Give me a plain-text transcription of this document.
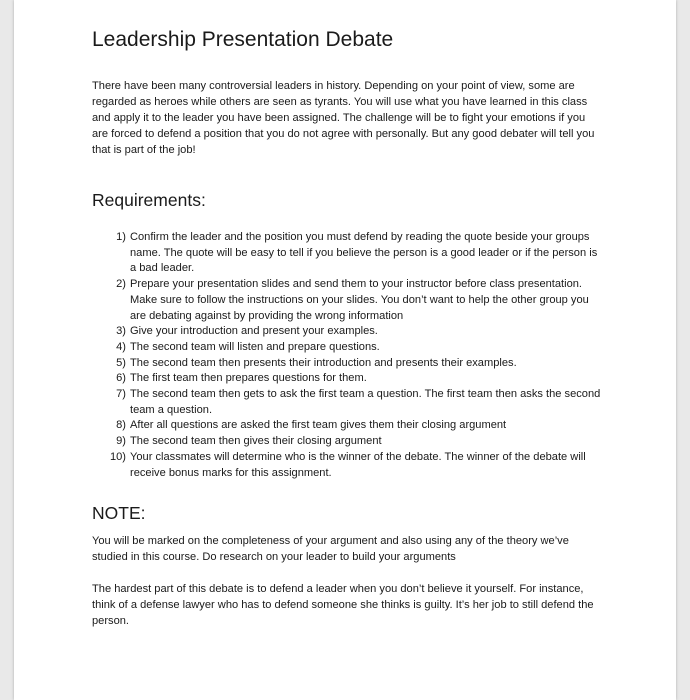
Leadership Presentation Debate

There have been many controversial leaders in history. Depending on your point of view, some are regarded as heroes while others are seen as tyrants. You will use what you have learned in this class and apply it to the leader you have been assigned. The challenge will be to fight your emotions if you are forced to defend a position that you do not agree with personally. But any good debater will tell you that is part of the job!

Requirements:
1) Confirm the leader and the position you must defend by reading the quote beside your groups name. The quote will be easy to tell if you believe the person is a good leader or if the person is a bad leader.
2) Prepare your presentation slides and send them to your instructor before class presentation. Make sure to follow the instructions on your slides. You don’t want to help the other group you are debating against by providing the wrong information
3) Give your introduction and present your examples.
4) The second team will listen and prepare questions.
5) The second team then presents their introduction and presents their examples.
6) The first team then prepares questions for them.
7) The second team then gets to ask the first team a question. The first team then asks the second team a question.
8) After all questions are asked the first team gives them their closing argument
9) The second team then gives their closing argument
10) Your classmates will determine who is the winner of the debate. The winner of the debate will receive bonus marks for this assignment.
NOTE:

You will be marked on the completeness of your argument and also using any of the theory we’ve studied in this course. Do research on your leader to build your arguments

The hardest part of this debate is to defend a leader when you don’t believe it yourself. For instance, think of a defense lawyer who has to defend someone she thinks is guilty. It’s her job to still defend the person.
